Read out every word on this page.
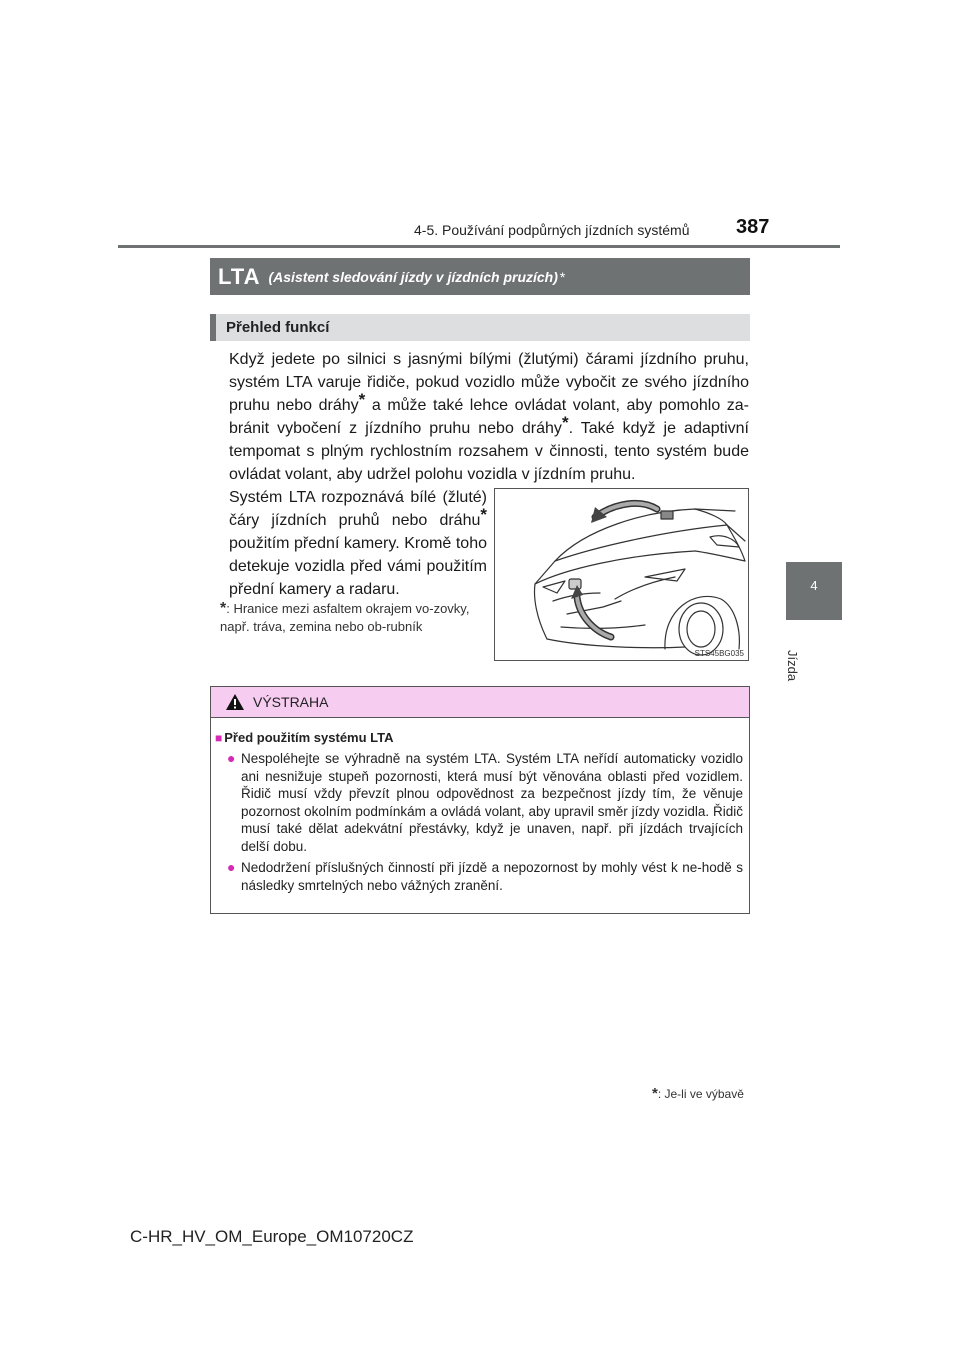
4-5. Používání podpůrných jízdních systémů 387
4
Jízda
LTA (Asistent sledování jízdy v jízdních pruzích) *
Přehled funkcí
Když jedete po silnici s jasnými bílými (žlutými) čárami jízdního pruhu, systém LTA varuje řidiče, pokud vozidlo může vybočit ze svého jízdního pruhu nebo dráhy* a může také lehce ovládat volant, aby pomohlo za-bránit vybočení z jízdního pruhu nebo dráhy*. Také když je adaptivní tempomat s plným rychlostním rozsahem v činnosti, tento systém bude ovládat volant, aby udržel polohu vozidla v jízdním pruhu.
Systém LTA rozpoznává bílé (žluté) čáry jízdních pruhů nebo dráhu* použitím přední kamery. Kromě toho detekuje vozidla před vámi použitím přední kamery a radaru.
*: Hranice mezi asfaltem okrajem vo-zovky, např. tráva, zemina nebo ob-rubník
STS45BG035
VÝSTRAHA
■ Před použitím systému LTA
● Nespoléhejte se výhradně na systém LTA. Systém LTA neřídí automaticky vozidlo ani nesnižuje stupeň pozornosti, která musí být věnována oblasti před vozidlem. Řidič musí vždy převzít plnou odpovědnost za bezpečnost jízdy tím, že věnuje pozornost okolním podmínkám a ovládá volant, aby upravil směr jízdy vozidla. Řidič musí také dělat adekvátní přestávky, když je unaven, např. při jízdách trvajících delší dobu.
● Nedodržení příslušných činností při jízdě a nepozornost by mohly vést k ne-hodě s následky smrtelných nebo vážných zranění.
*: Je-li ve výbavě
C-HR_HV_OM_Europe_OM10720CZ
